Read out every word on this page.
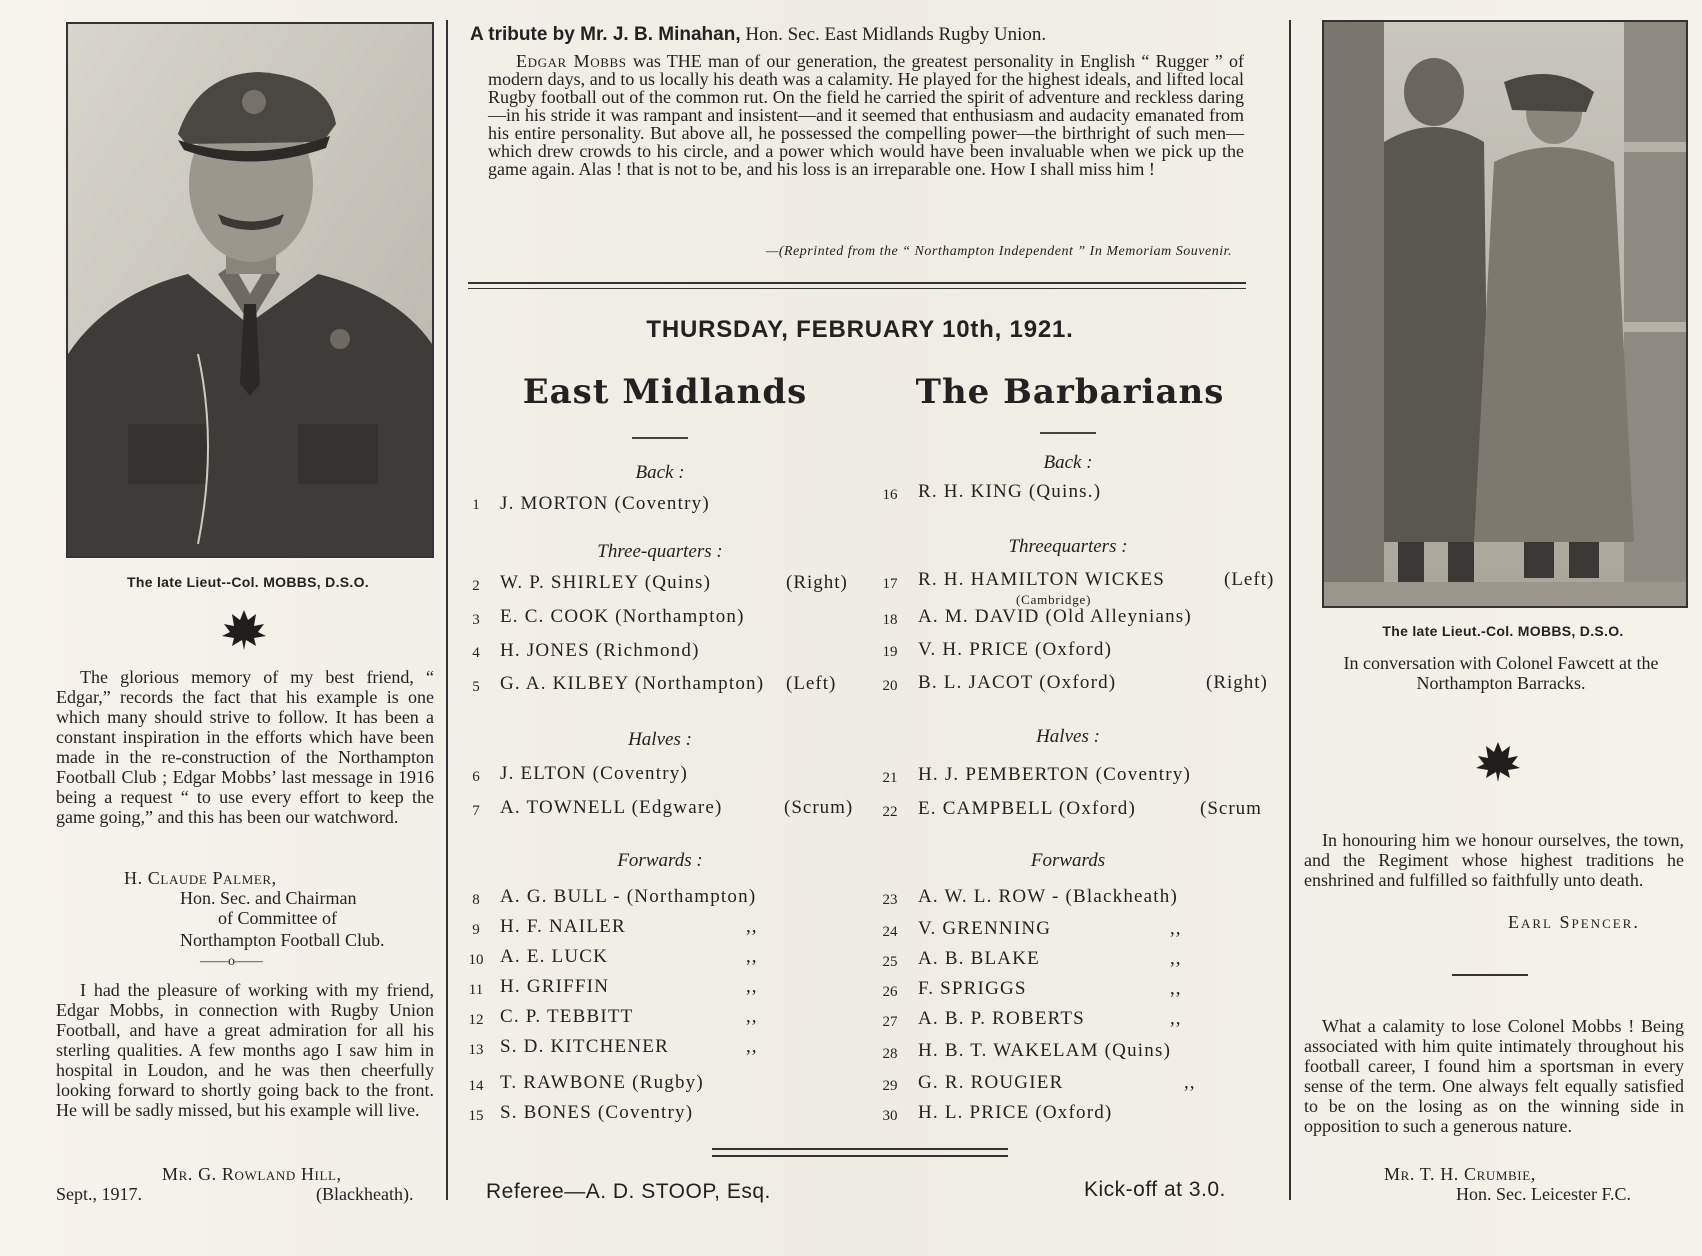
The late Lieut--Col. MOBBS, D.S.O.
The glorious memory of my best friend, “ Edgar,” records the fact that his example is one which many should strive to follow. It has been a constant inspiration in the efforts which have been made in the re-construction of the Northampton Football Club ; Edgar Mobbs’ last message in 1916 being a request “ to use every effort to keep the game going,” and this has been our watchword.
H. Claude Palmer,
Hon. Sec. and Chairman
of Committee of
Northampton Football Club.
——o——
I had the pleasure of working with my friend, Edgar Mobbs, in connection with Rugby Union Football, and have a great admiration for all his sterling qualities. A few months ago I saw him in hospital in Loudon, and he was then cheerfully looking forward to shortly going back to the front. He will be sadly missed, but his example will live.
Mr. G. Rowland Hill,
Sept., 1917.	(Blackheath).
A tribute by Mr. J. B. Minahan, Hon. Sec. East Midlands Rugby Union.
Edgar Mobbs was THE man of our generation, the greatest personality in English “ Rugger ” of modern days, and to us locally his death was a calamity. He played for the highest ideals, and lifted local Rugby football out of the common rut. On the field he carried the spirit of adventure and reckless daring—in his stride it was rampant and insistent—and it seemed that enthusiasm and audacity emanated from his entire personality. But above all, he possessed the compelling power—the birthright of such men—which drew crowds to his circle, and a power which would have been invaluable when we pick up the game again. Alas ! that is not to be, and his loss is an irreparable one. How I shall miss him !
—(Reprinted from the “ Northampton Independent ” In Memoriam Souvenir.
THURSDAY, FEBRUARY 10th, 1921.
East Midlands	The Barbarians
Back :
Three-quarters :
Halves :
Forwards :
Back :
Threequarters :
Halves :
Forwards
(Cambridge)
1	J. MORTON (Coventry)
2	W. P. SHIRLEY (Quins)	(Right)
3	E. C. COOK (Northampton)
4	H. JONES (Richmond)
5	G. A. KILBEY (Northampton) (Left)
6	J. ELTON (Coventry)
7	A. TOWNELL (Edgware)	(Scrum)
8	A. G. BULL - (Northampton)
9	H. F. NAILER	,,
10 A. E. LUCK	,,
11 H. GRIFFIN	,,
12 C. P. TEBBITT	,,
13 S. D. KITCHENER	,,
14 T. RAWBONE (Rugby)
15 S. BONES (Coventry)
16	R. H. KING (Quins.)
17	R. H. HAMILTON WICKES	(Left)
18	A. M. DAVID (Old Alleynians)
19	V. H. PRICE (Oxford)
20	B. L. JACOT (Oxford)	(Right)
21	H. J. PEMBERTON (Coventry)
22	E. CAMPBELL (Oxford)	(Scrum
23	A. W. L. ROW - (Blackheath)
24	V. GRENNING	,,
25	A. B. BLAKE	,,
26	F. SPRIGGS	,,
27	A. B. P. ROBERTS	,,
28	H. B. T. WAKELAM (Quins)
29	G. R. ROUGIER	,,
30	H. L. PRICE (Oxford)
Referee—A. D. STOOP, Esq.	Kick-off at 3.0.
The late Lieut.-Col. MOBBS, D.S.O.
In conversation with Colonel Fawcett at the Northampton Barracks.
In honouring him we honour ourselves, the town, and the Regiment whose highest traditions he enshrined and fulfilled so faithfully unto death.
Earl Spencer.
What a calamity to lose Colonel Mobbs ! Being associated with him quite intimately throughout his football career, I found him a sportsman in every sense of the term. One always felt equally satisfied to be on the losing as on the winning side in opposition to such a generous nature.
Mr. T. H. Crumbie,
Hon. Sec. Leicester F.C.
